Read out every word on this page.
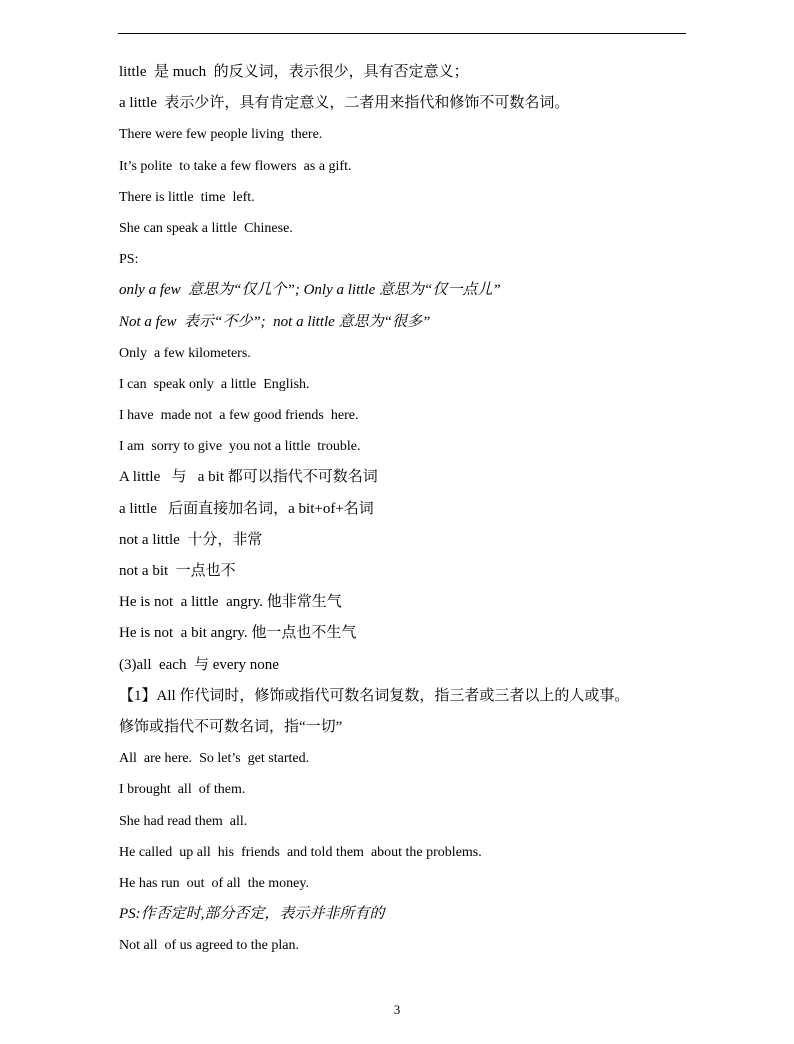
little  是 much  的反义词，表示很少，具有否定意义；
a little  表示少许，具有肯定意义，二者用来指代和修饰不可数名词。
There were few people living  there.
It’s polite  to take a few flowers  as a gift.
There is little  time  left.
She can speak a little  Chinese.
PS:
only a few  意思为“仅几个”; Only a little 意思为“仅一点儿”
Not a few  表示“不少”;  not a little 意思为“很多”
Only  a few kilometers.
I can  speak only  a little  English.
I have  made not  a few good friends  here.
I am  sorry to give  you not a little  trouble.
A little   与   a bit 都可以指代不可数名词
a little   后面直接加名词，a bit+of+名词
not a little  十分，非常
not a bit  一点也不
He is not  a little  angry. 他非常生气
He is not  a bit angry. 他一点也不生气
(3)all  each  与 every none
【1】All 作代词时，修饰或指代可数名词复数，指三者或三者以上的人或事。
修饰或指代不可数名词，指“一切”
All  are here.  So let’s  get started.
I brought  all  of them.
She had read them  all.
He called  up all  his  friends  and told them  about the problems.
He has run  out  of all  the money.
PS:作否定时,部分否定，表示并非所有的
Not all  of us agreed to the plan.
3
